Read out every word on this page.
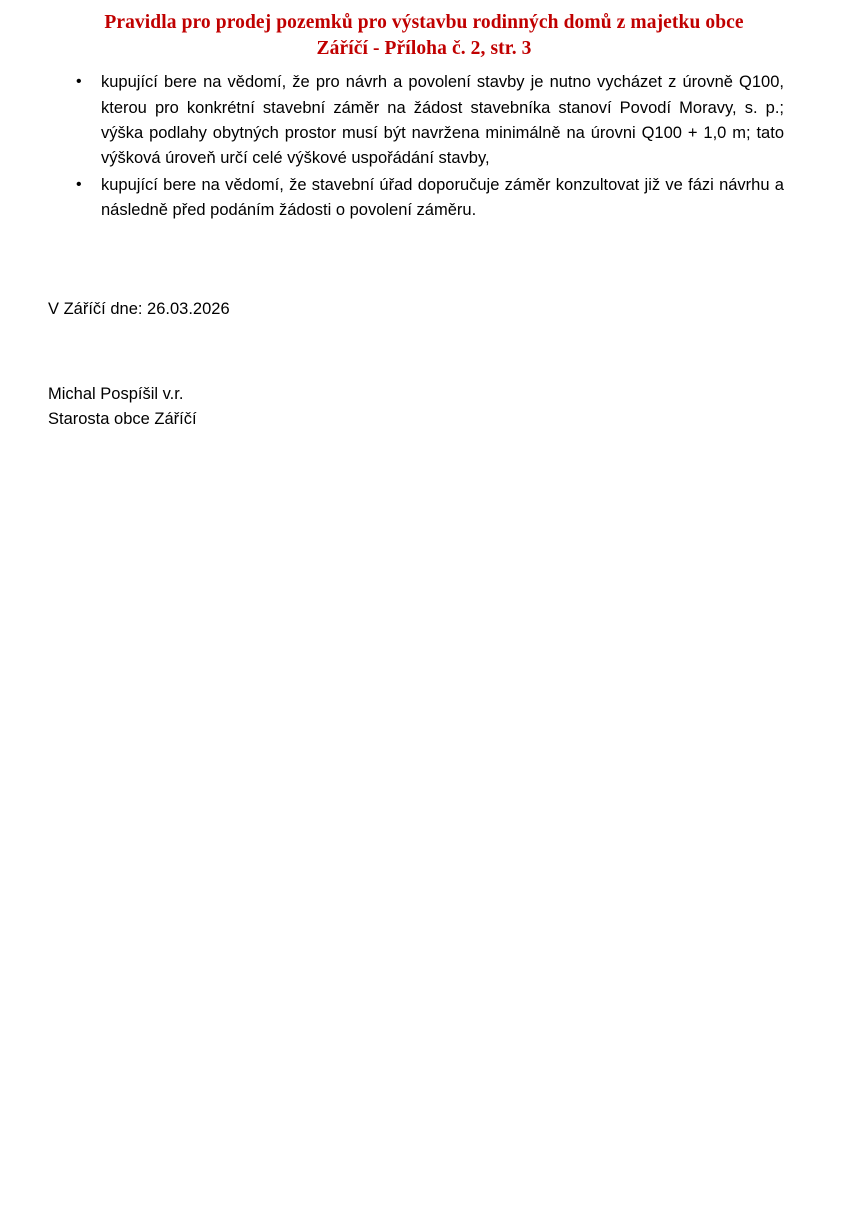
Pravidla pro prodej pozemků pro výstavbu rodinných domů z majetku obce
Záříčí - Příloha č. 2, str. 3
• kupující bere na vědomí, že pro návrh a povolení stavby je nutno vycházet z úrovně Q100, kterou pro konkrétní stavební záměr na žádost stavebníka stanoví Povodí Moravy, s. p.; výška podlahy obytných prostor musí být navržena minimálně na úrovni Q100 + 1,0 m; tato výšková úroveň určí celé výškové uspořádání stavby,
• kupující bere na vědomí, že stavební úřad doporučuje záměr konzultovat již ve fázi návrhu a následně před podáním žádosti o povolení záměru.
V Záříčí dne: 26.03.2026
Michal Pospíšil v.r.
Starosta obce Záříčí
